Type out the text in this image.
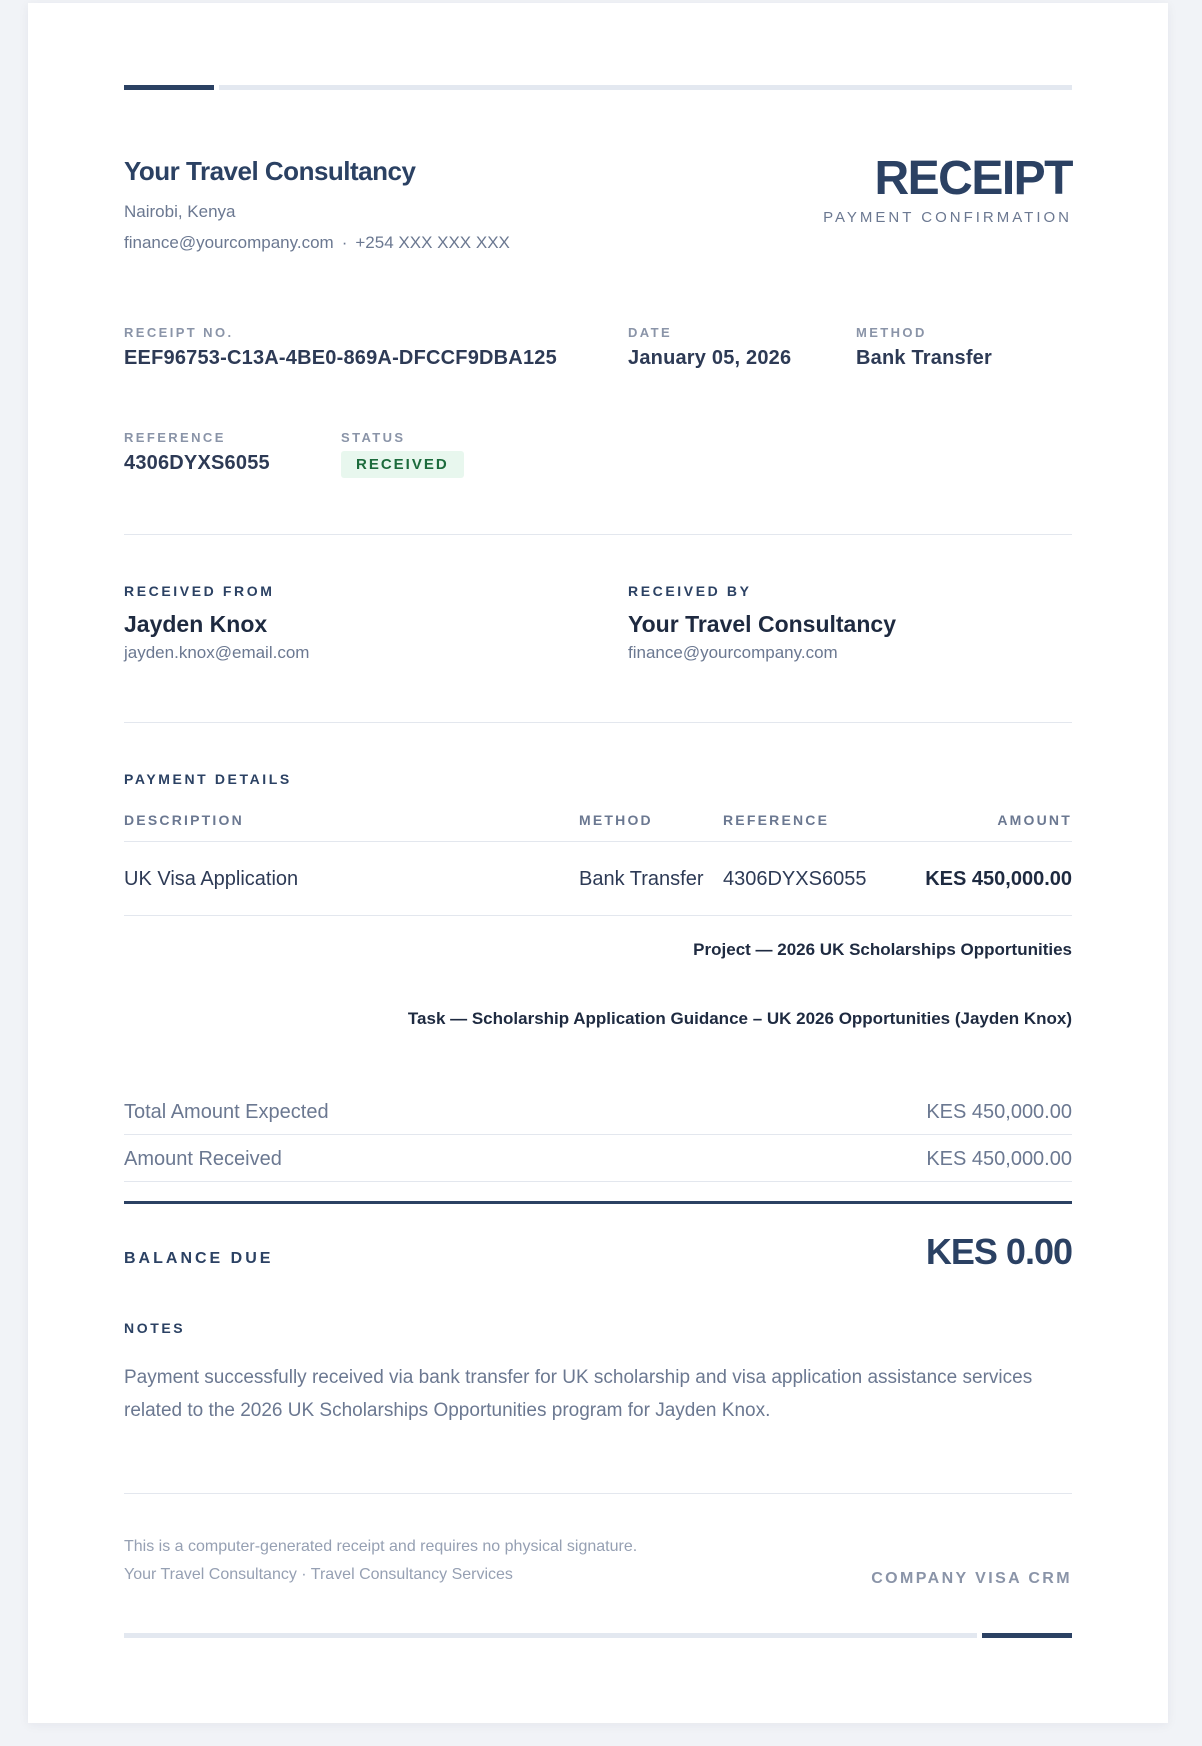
Your Travel Consultancy
Nairobi, Kenya
finance@yourcompany.com · +254 XXX XXX XXX
RECEIPT
PAYMENT CONFIRMATION
RECEIPT NO.
EEF96753-C13A-4BE0-869A-DFCCF9DBA125
DATE
January 05, 2026
METHOD
Bank Transfer
REFERENCE
4306DYXS6055
STATUS
RECEIVED
RECEIVED FROM
Jayden Knox
jayden.knox@email.com
RECEIVED BY
Your Travel Consultancy
finance@yourcompany.com
PAYMENT DETAILS
DESCRIPTION	METHOD	REFERENCE	AMOUNT
UK Visa Application	Bank Transfer 4306DYXS6055	KES 450,000.00
Project — 2026 UK Scholarships Opportunities
Task — Scholarship Application Guidance – UK 2026 Opportunities (Jayden Knox)
Total Amount Expected	KES 450,000.00
Amount Received	KES 450,000.00
BALANCE DUE	KES 0.00
NOTES
Payment successfully received via bank transfer for UK scholarship and visa application assistance services related to the 2026 UK Scholarships Opportunities program for Jayden Knox.
This is a computer-generated receipt and requires no physical signature.
Your Travel Consultancy · Travel Consultancy Services	COMPANY VISA CRM
